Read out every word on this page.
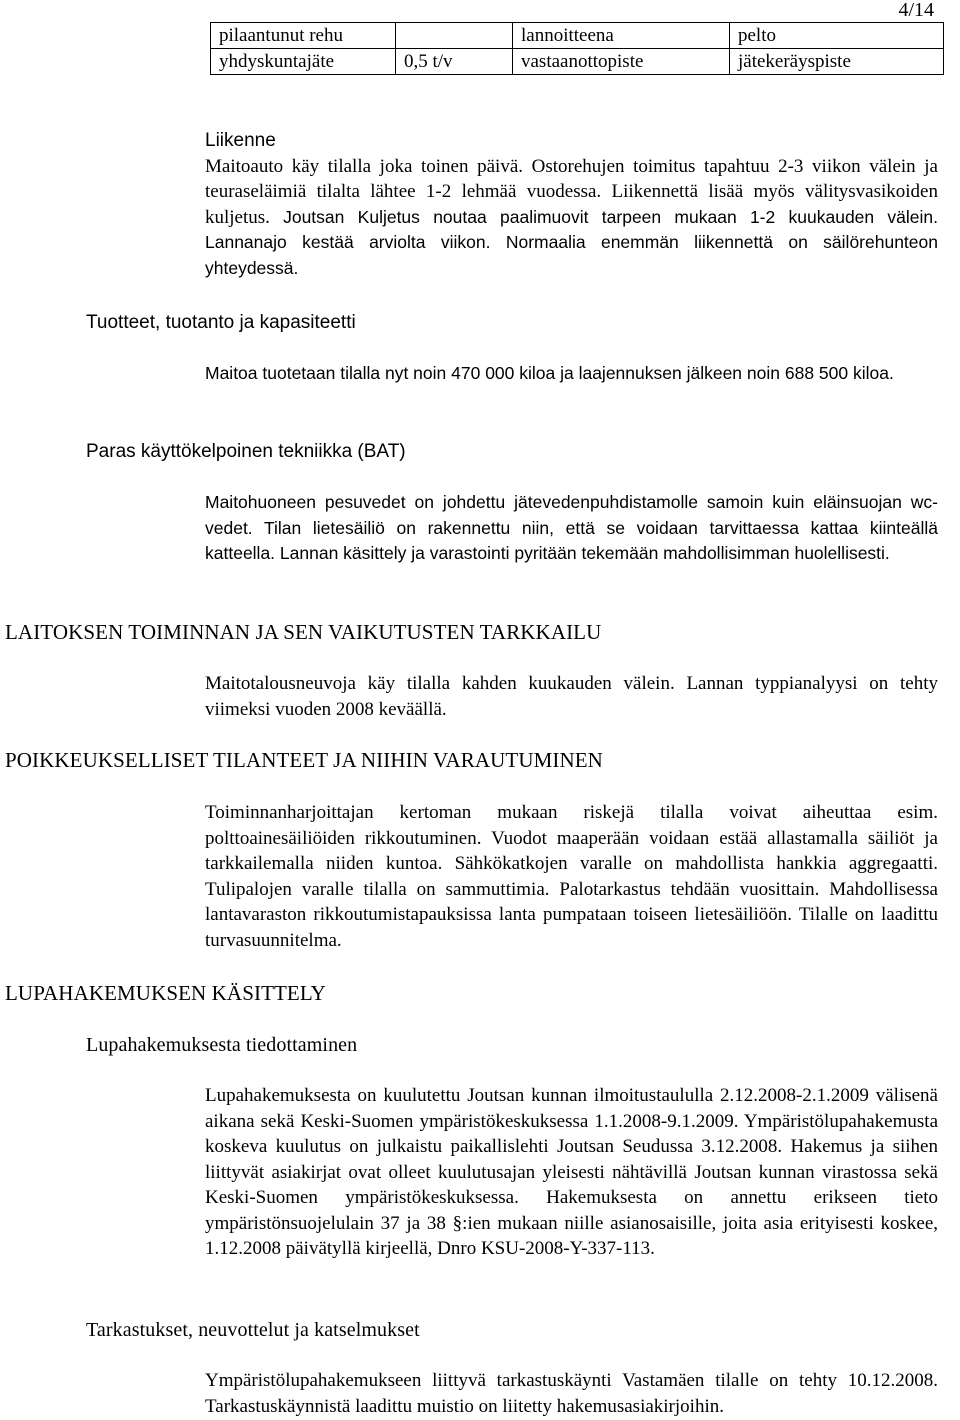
4/14
pilaantunut rehu		lannoitteena	pelto
yhdyskuntajäte	0,5 t/v	vastaanottopiste	jätekeräyspiste
Liikenne
Maitoauto käy tilalla joka toinen päivä. Ostorehujen toimitus tapahtuu 2-3 viikon välein ja teuraseläimiä tilalta lähtee 1-2 lehmää vuodessa. Liikennettä lisää myös välitysvasikoiden kuljetus. Joutsan Kuljetus noutaa paalimuovit tarpeen mukaan 1-2 kuukauden välein. Lannanajo kestää arviolta viikon. Normaalia enemmän liikennettä on säilörehunteon yhteydessä.
Tuotteet, tuotanto ja kapasiteetti
Maitoa tuotetaan tilalla nyt noin 470 000 kiloa ja laajennuksen jälkeen noin 688 500 kiloa.
Paras käyttökelpoinen tekniikka (BAT)
Maitohuoneen pesuvedet on johdettu jätevedenpuhdistamolle samoin kuin eläinsuojan wc-vedet. Tilan lietesäiliö on rakennettu niin, että se voidaan tarvittaessa kattaa kiinteällä katteella. Lannan käsittely ja varastointi pyritään tekemään mahdollisimman huolellisesti.
LAITOKSEN TOIMINNAN JA SEN VAIKUTUSTEN TARKKAILU
Maitotalousneuvoja käy tilalla kahden kuukauden välein. Lannan typpianalyysi on tehty viimeksi vuoden 2008 keväällä.
POIKKEUKSELLISET TILANTEET JA NIIHIN VARAUTUMINEN
Toiminnanharjoittajan kertoman mukaan riskejä tilalla voivat aiheuttaa esim. polttoainesäiliöiden rikkoutuminen. Vuodot maaperään voidaan estää allastamalla säiliöt ja tarkkailemalla niiden kuntoa. Sähkökatkojen varalle on mahdollista hankkia aggregaatti. Tulipalojen varalle tilalla on sammuttimia. Palotarkastus tehdään vuosittain. Mahdollisessa lantavaraston rikkoutumistapauksissa lanta pumpataan toiseen lietesäiliöön. Tilalle on laadittu turvasuunnitelma.
LUPAHAKEMUKSEN KÄSITTELY
Lupahakemuksesta tiedottaminen
Lupahakemuksesta on kuulutettu Joutsan kunnan ilmoitustaululla 2.12.2008-2.1.2009 välisenä aikana sekä Keski-Suomen ympäristökeskuksessa 1.1.2008-9.1.2009. Ympäristölupahakemusta koskeva kuulutus on julkaistu paikallislehti Joutsan Seudussa 3.12.2008. Hakemus ja siihen liittyvät asiakirjat ovat olleet kuulutusajan yleisesti nähtävillä Joutsan kunnan virastossa sekä Keski-Suomen ympäristökeskuksessa. Hakemuksesta on annettu erikseen tieto ympäristönsuojelulain 37 ja 38 §:ien mukaan niille asianosaisille, joita asia erityisesti koskee, 1.12.2008 päivätyllä kirjeellä, Dnro KSU-2008-Y-337-113.
Tarkastukset, neuvottelut ja katselmukset
Ympäristölupahakemukseen liittyvä tarkastuskäynti Vastamäen tilalle on tehty 10.12.2008. Tarkastuskäynnistä laadittu muistio on liitetty hakemusasiakirjoihin.
